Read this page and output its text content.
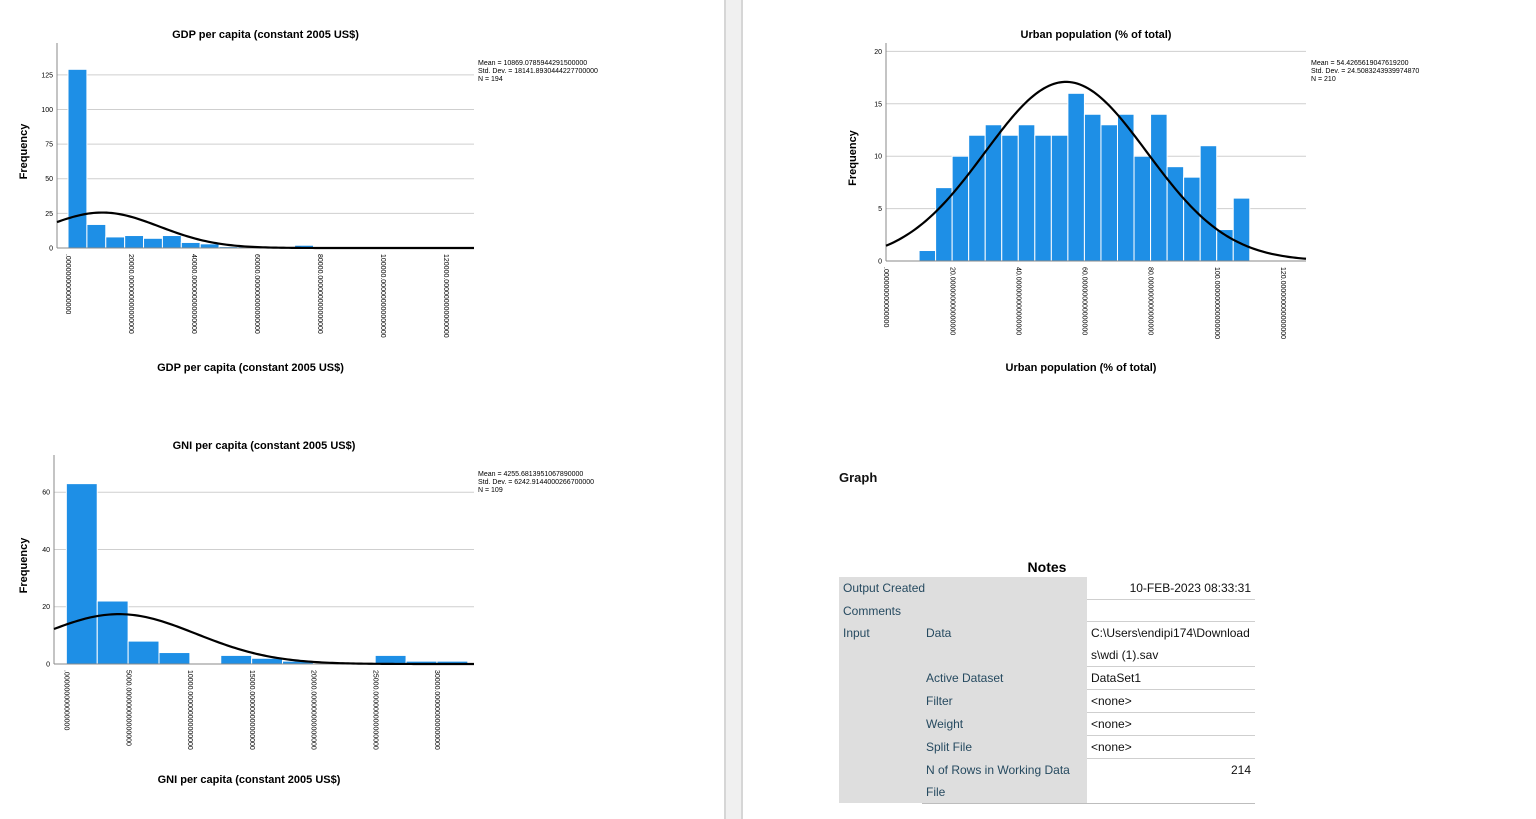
0
25
50
75
100
125
.000000000000000	20000.000000000000000	40000.000000000000000	60000.000000000000000	80000.000000000000000	100000.000000000000000	120000.000000000000000
GDP per capita (constant 2005 US$)
GDP per capita (constant 2005 US$)
Frequency
Mean = 10869.0785944291500000
Std. Dev. = 18141.8930444227700000
N = 194
0
20
40
60
.000000000000000	5000.000000000000000	10000.000000000000000	15000.000000000000000	20000.000000000000000	25000.000000000000000	30000.000000000000000
GNI per capita (constant 2005 US$)
GNI per capita (constant 2005 US$)
Frequency
Mean = 4255.6813951067890000
Std. Dev. = 6242.9144000266700000
N = 109
0
5
10
15
20
.000000000000000	20.000000000000000	40.000000000000000	60.000000000000000	80.000000000000000	100.000000000000000	120.000000000000000
Urban population (% of total)
Urban population (% of total)
Frequency
Mean = 54.4265619047619200
Std. Dev. = 24.5083243939974870
N = 210
Graph
Notes
Output Created		10-FEB-2023 08:33:31
Comments		
Input	Data	C:\Users\endipi174\Download
s\wdi (1).sav
	Active Dataset	DataSet1
	Filter	<none>
	Weight	<none>
	Split File	<none>
	N of Rows in Working Data
File	214
